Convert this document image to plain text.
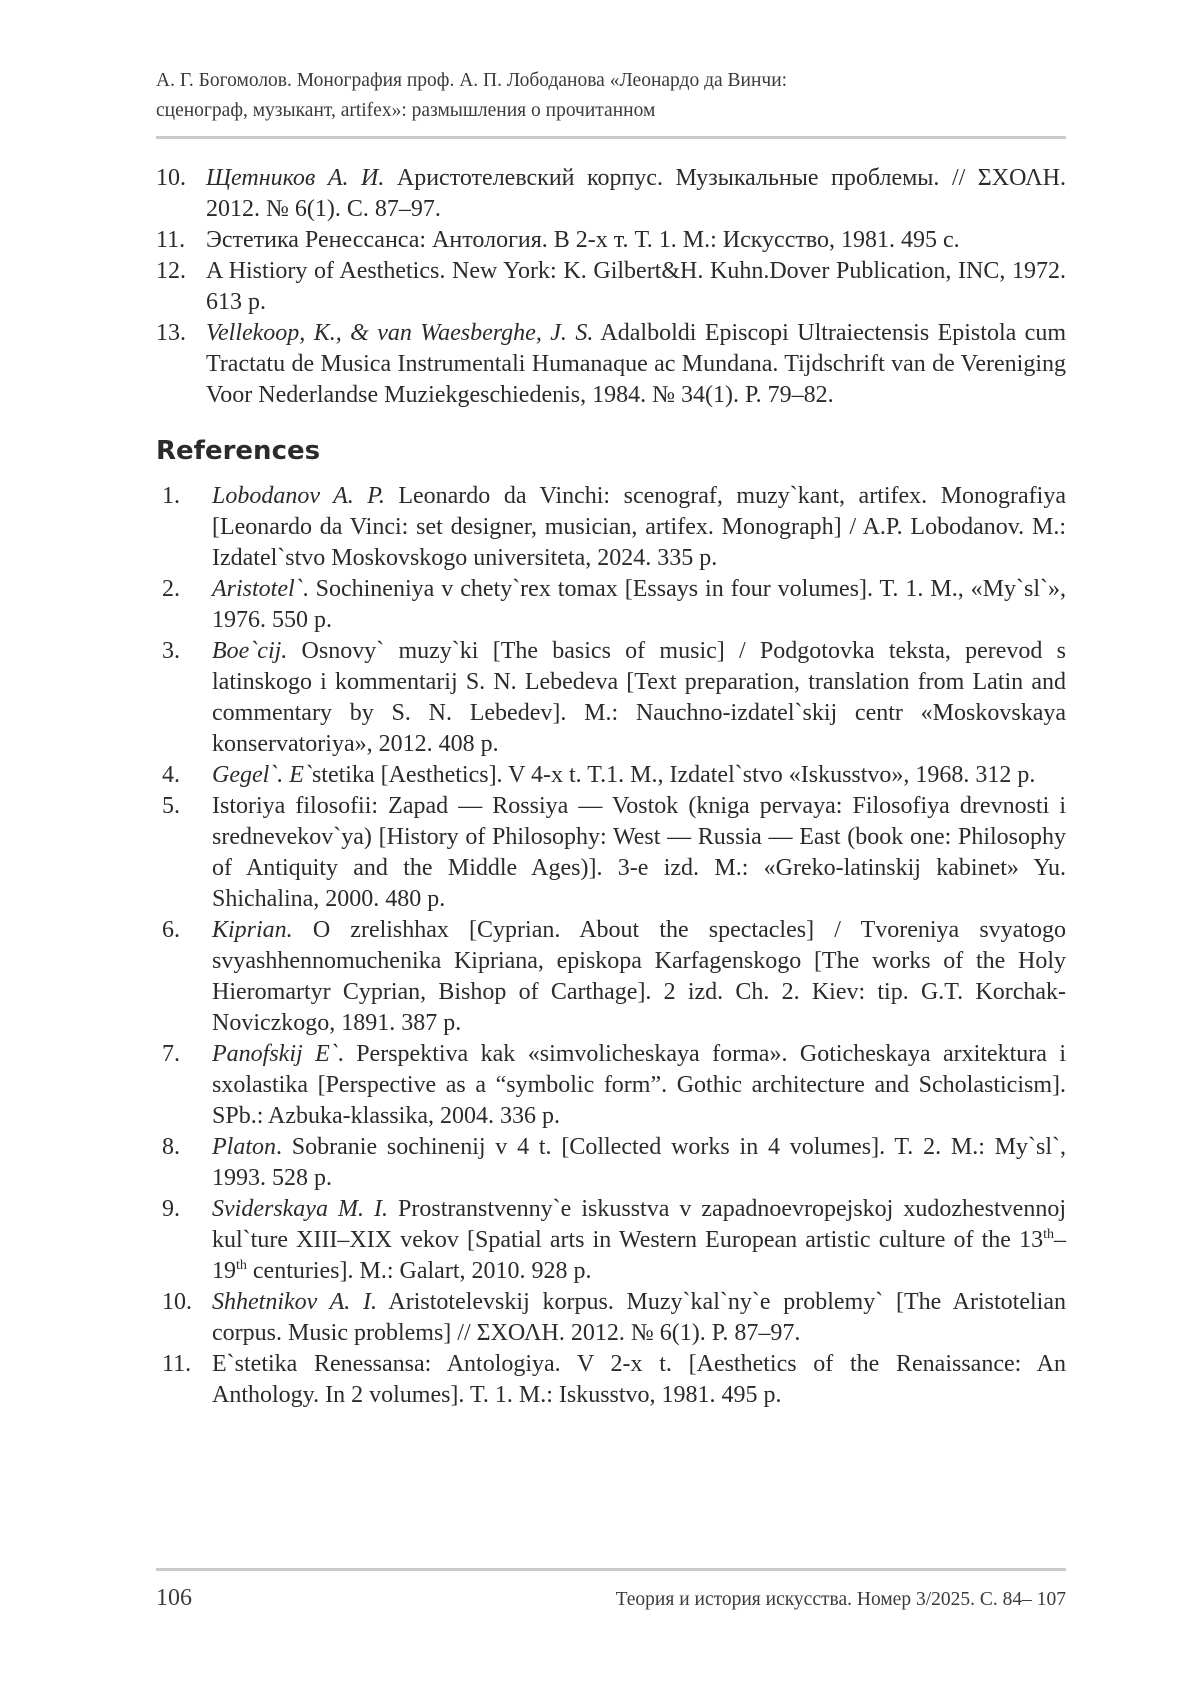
А. Г. Богомолов. Монография проф. А. П. Лободанова «Леонардо да Винчи:
сценограф, музыкант, artifex»: размышления о прочитанном
10. Щетников А. И. Аристотелевский корпус. Музыкальные проблемы. // ΣΧΟΛΗ. 2012. № 6(1). С. 87–97.
11. Эстетика Ренессанса: Антология. В 2-х т. Т. 1. М.: Искусство, 1981. 495 с.
12. A Histiory of Aesthetics. New York: K. Gilbert&H. Kuhn.Dover Publication, INC, 1972. 613 p.
13. Vellekoop, K., & van Waesberghe, J. S. Adalboldi Episcopi Ultraiectensis Epistola cum Tractatu de Musica Instrumentali Humanaque ac Mundana. Tijdschrift van de Vereniging Voor Nederlandse Muziekgeschiedenis, 1984. № 34(1). P. 79–82.
References
1.	Lobodanov A. P. Leonardo da Vinchi: scenograf, muzy`kant, artifex. Monografiya [Leonardo da Vinci: set designer, musician, artifex. Monograph] / A.P. Lobodanov. M.: Izdatel`stvo Moskovskogo universiteta, 2024. 335 p.
2.	Aristotel`. Sochineniya v chety`rex tomax [Essays in four volumes]. T. 1. M., «My`sl`», 1976. 550 p.
3.	Boe`cij. Osnovy` muzy`ki [The basics of music] / Podgotovka teksta, perevod s latinskogo i kommentarij S. N. Lebedeva [Text preparation, translation from Latin and commentary by S. N. Lebedev]. M.: Nauchno-izdatel`skij centr «Moskovskaya konservatoriya», 2012. 408 p.
4.	Gegel`. E`stetika [Aesthetics]. V 4-x t. T.1. M., Izdatel`stvo «Iskusstvo», 1968. 312 p.
5.	Istoriya filosofii: Zapad — Rossiya — Vostok (kniga pervaya: Filosofiya drevnosti i srednevekov`ya) [History of Philosophy: West — Russia — East (book one: Philosophy of Antiquity and the Middle Ages)]. 3-e izd. M.: «Greko-latinskij kabinet» Yu. Shichalina, 2000. 480 p.
6.	Kiprian. O zrelishhax [Cyprian. About the spectacles] / Tvoreniya svyatogo svyashhennomuchenika Kipriana, episkopa Karfagenskogo [The works of the Holy Hieromartyr Cyprian, Bishop of Carthage]. 2 izd. Ch. 2. Kiev: tip. G.T. Korchak-Noviczkogo, 1891. 387 p.
7.	Panofskij E`. Perspektiva kak «simvolicheskaya forma». Goticheskaya arxitektura i sxolastika [Perspective as a “symbolic form”. Gothic architecture and Scholasticism]. SPb.: Azbuka-klassika, 2004. 336 p.
8.	Platon. Sobranie sochinenij v 4 t. [Collected works in 4 volumes]. T. 2. M.: My`sl`, 1993. 528 p.
9.	Sviderskaya M. I. Prostranstvenny`e iskusstva v zapadnoevropejskoj xudozhestvennoj kul`ture XIII–XIX vekov [Spatial arts in Western European artistic culture of the 13th–19th centuries]. M.: Galart, 2010. 928 p.
10. Shhetnikov A. I. Aristotelevskij korpus. Muzy`kal`ny`e problemy` [The Aristotelian corpus. Music problems] // ΣΧΟΛΗ. 2012. № 6(1). P. 87–97.
11. E`stetika Renessansa: Antologiya. V 2-x t. [Aesthetics of the Renaissance: An Anthology. In 2 volumes]. T. 1. M.: Iskusstvo, 1981. 495 p.
106	Теория и история искусства. Номер 3/2025. С. 84– 107
